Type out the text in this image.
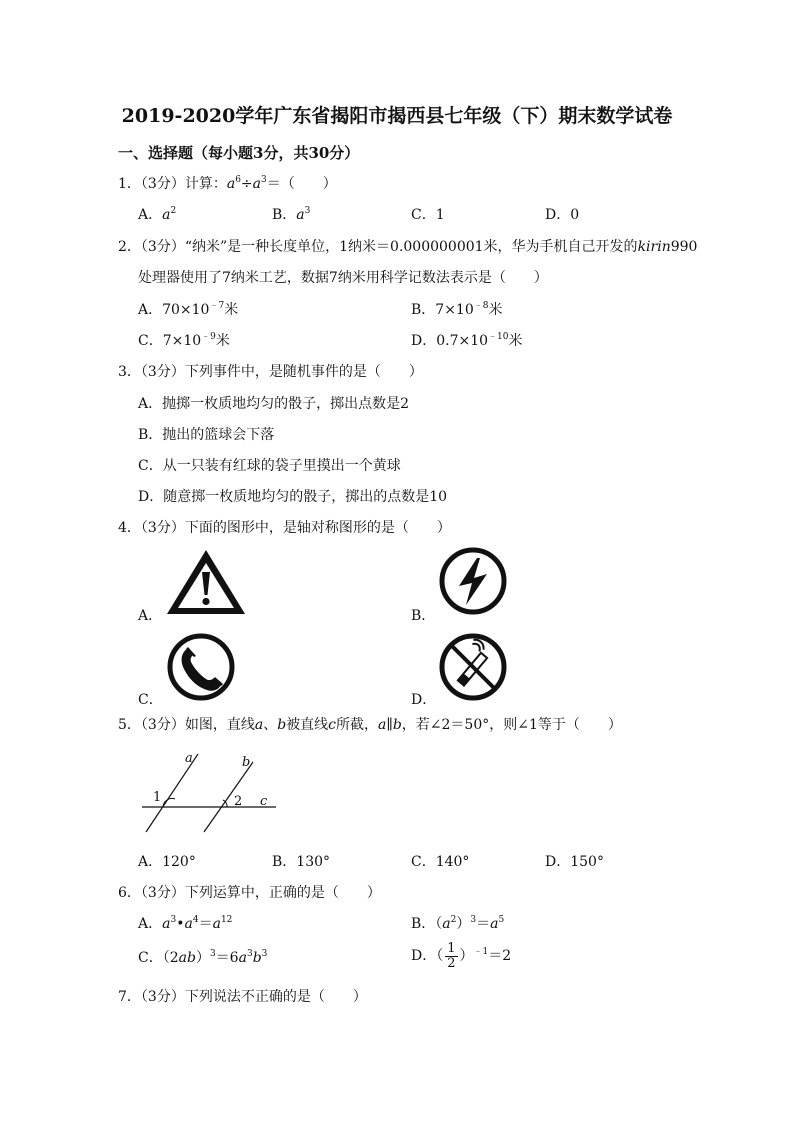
2019-2020学年广东省揭阳市揭西县七年级（下）期末数学试卷
一、选择题（每小题3分，共30分）
1．（3分）计算：$a^6\div a^3=$（　　）
A．$a^2$	B．$a^3$	C．1	D．0
2．（3分）“纳米”是一种长度单位，1纳米＝0.000000001米，华为手机自己开发的kirin990
处理器使用了7纳米工艺，数据7纳米用科学记数法表示是（　　）
A．$70\times 10^{﹣7}$米	B．$7\times 10^{﹣8}$米
C．$7\times 10^{﹣9}$米	D．$0.7\times 10^{﹣10}$米
3．（3分）下列事件中，是随机事件的是（　　）
A．抛掷一枚质地均匀的骰子，掷出点数是2
B．抛出的篮球会下落
C．从一只装有红球的袋子里摸出一个黄球
D．随意掷一枚质地均匀的骰子，掷出的点数是10
4．（3分）下面的图形中，是轴对称图形的是（　　）
A．	B．
C．	D．
5．（3分）如图，直线a、b被直线c所截，a∥b，若∠2＝50°，则∠1等于（　　）
a	b
c
1	2
A．120°	B．130°	C．140°	D．150°
6．（3分）下列运算中，正确的是（　　）
A．$a^3•a^4=a^{12}$	B．$(a^2)^3=a^5$
C．$(2ab)^3=6a^3b^3$	D．（ $\frac{1}{2} )^{﹣1}=2$
7．（3分）下列说法不正确的是（　　）
